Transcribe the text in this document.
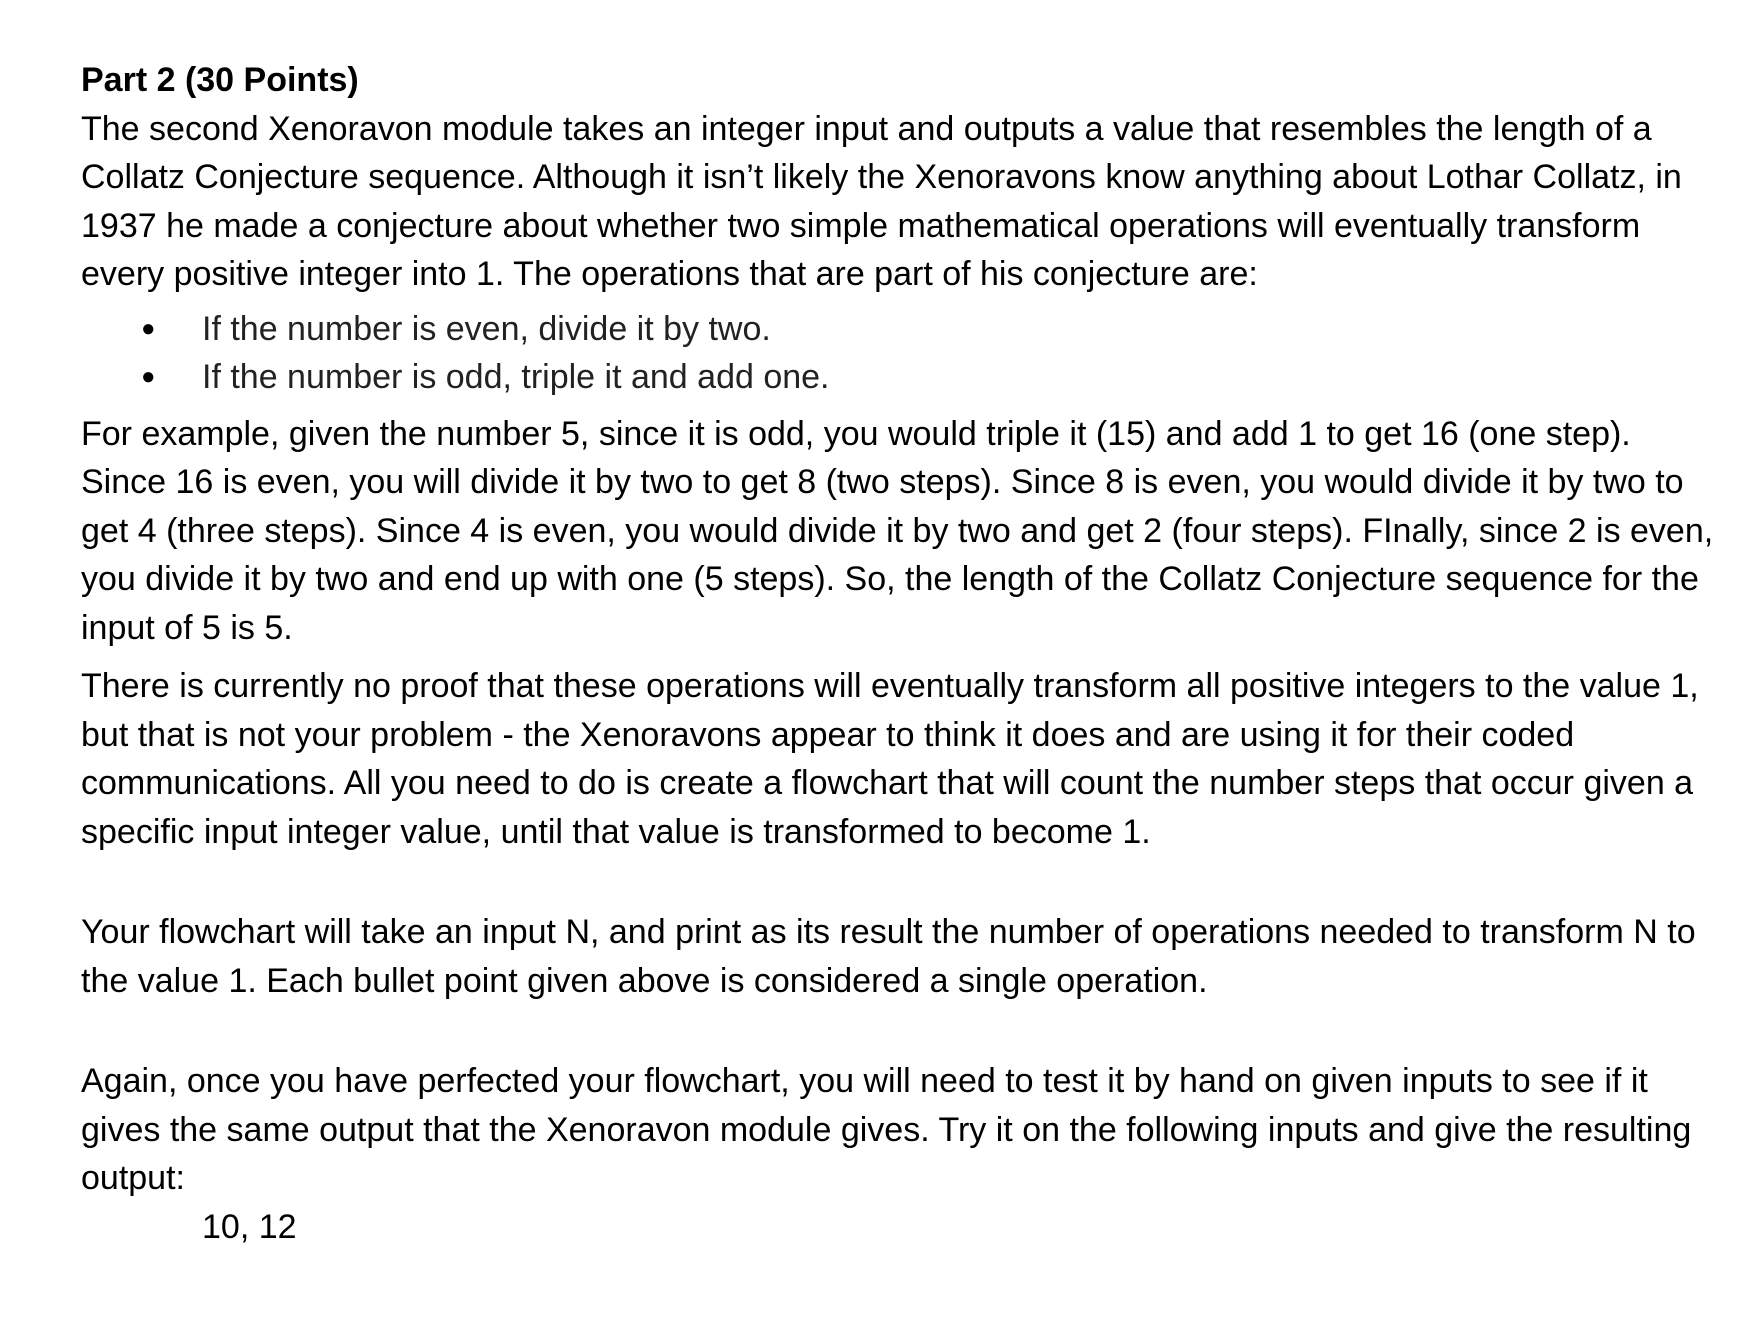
Part 2 (30 Points)

The second Xenoravon module takes an integer input and outputs a value that resembles the length of a Collatz Conjecture sequence. Although it isn’t likely the Xenoravons know anything about Lothar Collatz, in 1937 he made a conjecture about whether two simple mathematical operations will eventually transform every positive integer into 1. The operations that are part of his conjecture are:

● If the number is even, divide it by two.
● If the number is odd, triple it and add one.

For example, given the number 5, since it is odd, you would triple it (15) and add 1 to get 16 (one step). Since 16 is even, you will divide it by two to get 8 (two steps). Since 8 is even, you would divide it by two to get 4 (three steps). Since 4 is even, you would divide it by two and get 2 (four steps). FInally, since 2 is even, you divide it by two and end up with one (5 steps). So, the length of the Collatz Conjecture sequence for the input of 5 is 5.

There is currently no proof that these operations will eventually transform all positive integers to the value 1, but that is not your problem - the Xenoravons appear to think it does and are using it for their coded communications. All you need to do is create a flowchart that will count the number steps that occur given a specific input integer value, until that value is transformed to become 1.

Your flowchart will take an input N, and print as its result the number of operations needed to transform N to the value 1. Each bullet point given above is considered a single operation.

Again, once you have perfected your flowchart, you will need to test it by hand on given inputs to see if it gives the same output that the Xenoravon module gives. Try it on the following inputs and give the resulting output:

10, 12
